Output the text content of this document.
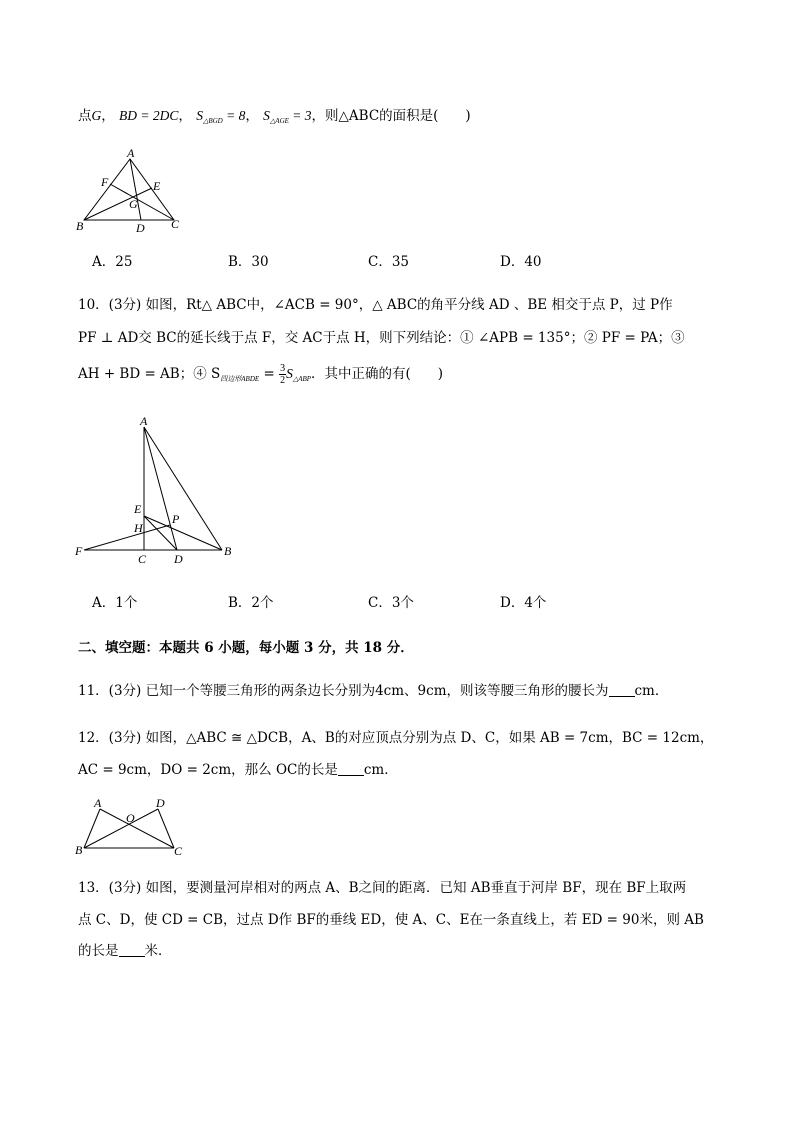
点G， BD = 2DC， $S_{\triangle BGD} = 8$， $S_{\triangle AGE} = 3$，则△ABC的面积是(　　)
A
F	E
G
B	D C
A．25	B．30	C．35	D．40
10．(3分) 如图，Rt△ ABC中，∠ACB = 90°，△ ABC的角平分线 AD 、BE 相交于点 P，过 P作
PF ⊥ AD交 BC的延长线于点 F，交 AC于点 H，则下列结论：① ∠APB = 135°；② PF = PA；③
AH + BD = AB；④ $S_{四边形ABDE} = \frac{3}{2} S_{\triangle ABP}$．其中正确的有(　　)
A
E
P
H
F
C D
B
A．1个	B．2个	C．3个	D．4个
二、填空题：本题共 6 小题，每小题 3 分，共 18 分．
11．(3分) 已知一个等腰三角形的两条边长分别为4cm、9cm，则该等腰三角形的腰长为 cm．
12．(3分) 如图，△ABC ≅ △DCB，A、B的对应顶点分别为点 D、C，如果 AB = 7cm，BC = 12cm，
AC = 9cm，DO = 2cm，那么 OC的长是 cm．
A	D
O
B	C
13．(3分) 如图，要测量河岸相对的两点 A、B之间的距离．已知 AB垂直于河岸 BF，现在 BF上取两
点 C、D，使 CD = CB，过点 D作 BF的垂线 ED，使 A、C、E在一条直线上，若 ED = 90米，则 AB
的长是 米．
